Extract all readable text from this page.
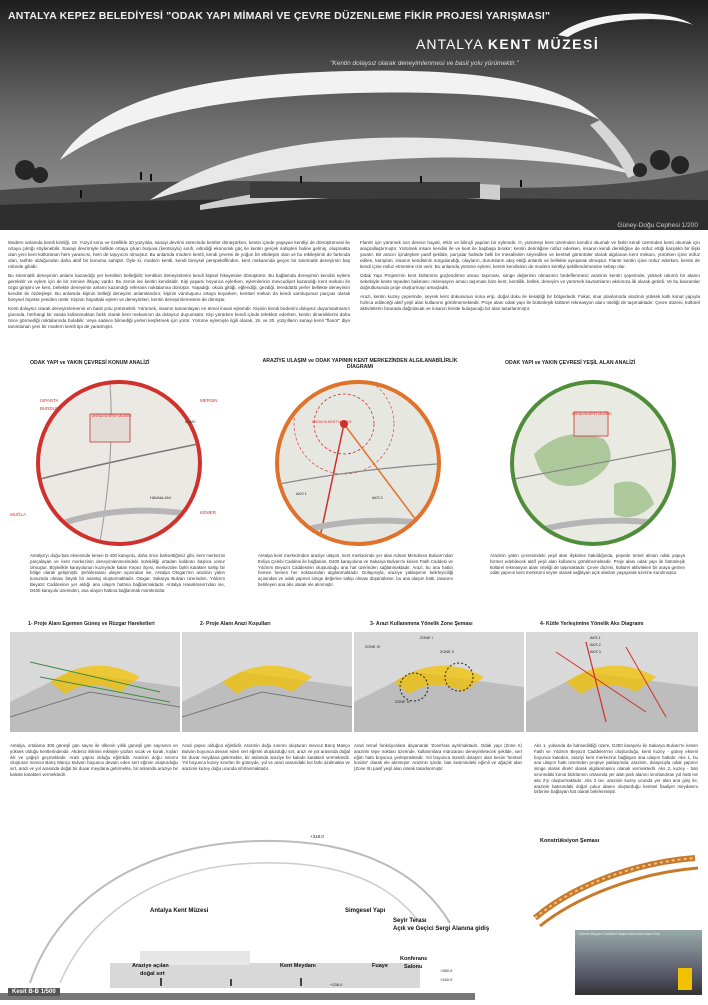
ANTALYA KEPEZ BELEDİYESİ "ODAK YAPI MİMARİ VE ÇEVRE DÜZENLEME FİKİR PROJESİ YARIŞMASI"
ANTALYA KENT MÜZESİ
"Kentin dolaysız olarak deneyimlenmesi ve basit yolu yürümektir."
Güney-Doğu Cephesi 1/200

Modern anlamda kentli kimliği, 19. Yüzyıl sonu ve özellikle 20.yüzyılda, sanayi devrimi sürecinde kentler dönüşürken, kentin içinde yaşayan kentliyi de dönüştürmesi ile ortaya çıktığı söylenebilir. Sanayi devrimiyle birlikte ortaya çıkan burjuva (kentsoylu) sınıfı, edindiği ekonomik güç ile kentin gerçek sahipleri haline gelmiş, oluşmakta olan yeni kent kültürünün hem yaratıcısı, hem de taşıyıcısı olmuştur. Bu anlamda modern kentli, kendi çevresi ile yoğun bir etkileşim olan ve bu etkileşimin de farkında olan, tarihte olduğundan daha aktif bir konuma sahiptir. Öyle ki, modern kentli, kendi bireysel perspektiflinden, kent mekanında geçen bir sinematik deneyimin baş rolünde gibidir.

Bu sinematik deneyimin anlamı kazandığı yer kentlinin belleğidir; kentlinin deneyimlerini kendi kişisel hikayesine dönüştürür. Bu bağlamda deneyimin kendisi eylemi gerektirir ve eylem için de bir zemine ihtiyaç vardır. Bu zemin ise kentin kendisidir. Kişi yaşamı boyunca eylerken, eylemlerinin mevcudiyet kazandığı kent mekanı ile özgü girişimi ve kent, bellekte deneyimin anlamı kazandığı referans noktalarına dönüşür. Yaşadığı, okula gittiği, eğlendiği, gezdiği, tereddütlü yerler bellekte deneyimin kendisi ile özdeşleşir. Bu anlamda kişinin belleği deneyimi anlamlandırır, kişinin varoluşunu ortaya koyarken, kentsel mekan da kendi varoluşunun parçası olarak bireysel ölçekte yeniden üretir. Kişinin hayattaki eylem ve deneyimleri, kentin deneyimlemesine de dönüşür.

Kenti dolaysız olarak deneyimlemenin en basit yolu yürümektir. Yürümek, insanın tamamlayan en temel insani eylemdir. Kişinin kendi bedenini dolaysız duyumsatmanın yanında, herhangi bir vasıta kullanmaktan farklı olarak kent mekanının da dolaysız duyumsatır. Kişi yürürken kendi içinde tefekkür ederken, kentin dinamiklerini daha önce görmediği noktalarında bulabilir. Veya sadece bilmediği yerleri keşfetmek için yürür. Yürüme eylemiyle ilgili olarak, 19. ve 20. yüzyılların sanayi kenti "flanör" diye tanımlanan yeni bir modern kentli tipi de yaratmıştır.

Flanör için yürümek son derece hayati, etkin ve bilinçli yapılan bir eylemdir. O, yürümeyi kent üzerinden kendini okumak ve farklı kendi üzerinden kenti okumak için araçsallaştırmıştır. Yürümek insanı kendisi ile ve kent ile başbaşa bırakır; kentin derinliğine nüfuz ederken, insanın kendi derinliğine de nüfuz ettiği karşılıklı bir ilişki yaratır. Bir aracın içindeyken pasif şekilde, parçalar halinde belli bir mesafeden seyredilen ve kentsel görüntüler olarak algılanan kent mekanı, yürürken içine nüfuz edilen, karışılan, insanın kendisinin sorgulandığı, olayların, durumların akış ettiği anlamlı ve bellekte ayrışarak olmuştur. Flanör kentin içine nüfuz ederken, kentin de kendi içine nüfuz etmesine izin verir. Bu anlamda yürüme eylemi, kentin kendisinin de modern kentliyi şekillendirmesine sebep olur.

Odak Yapı Projesi'nin kent kültürünü güçlendirme amacı taşıması, simge değerinin olmasının hedeflenmesi; arazinin kentin çeperinde, yüksek rakımlı bir alanın sebebiyle kente tepeden bakması; rekreasyon amacı taşıması bize kent, kentlilik, bellek, deneyim ve yürümek kavramlarını akılımıza ilk olarak getirdi. Ve bu kavramlar doğrultusunda proje oluşturmayı amaçladık.

Arazi, kentin kuzey çeperinde, seyrek kent dokusunun sona erip, doğal doku ile kesiştiği bir bölgededir. Fakat, imar planlarında arazinin yüksek katlı konut yapıyla hızlıca edileceği aktif yeşil alan kullanımı görülmemektedir. Proje alanı odak yapı ile bütünleşik kültürel rekreasyon alanı niteliği de taşımaktadır. Çevre düzeni, kültürel aktivitelerin birarada dağıtılacak ve insanın kentle buluşacağı bir alan tasarlanmıştır.

ODAK YAPI ve YAKIN ÇEVRESİ KONUM ANALİZİ	ARAZİYE ULAŞIM ve ODAK YAPININ KENT MERKEZİNDEN ALGILANABİLİRLİK DİAGRAMI
ODAK YAPI ve YAKIN ÇEVRESİ YEŞİL ALAN ANALİZİ
ISPARTA
BURDUR
ANTALYA KENT MÜZESİ
HAVAALANI
D-400
MUĞLA
MERSİN
KEMER
ANTALYA KENT MÜZESİ
AKS 1
AKS 2
ANTALYA KENT MÜZESİ
Antalya'yı doğu-batı ekseninde kesen D-400 karayolu, daha önce bahsettiğimiz gibi, kent merkezini parçalayan ve kent merkezinin deneyimlenmesindeki sürekliliği ortadan kaldıran başlıca unsur olmuştur. Böylelikle karayolunun kuzeyinde kalan Kepez ilçesi, merkezden farklı karakter sahip bir bölge olarak gelişmiştir. Şehirlerarası ulaşım açısından ise, Antalya Otogarı'nın arazinin yakın konumda olması büyük bir avantaj oluşturmaktadır. Otogar, Sakarya Bulvarı üzerinden, Yıldırım Beyazıt Caddesinin yer aldığı ana ulaşım hattına bağlanmaktadır. Antalya Havalimanı'ndan ise, D400 karayolu üzerinden, ana ulaşım hattına bağlanmak mümkündür.
Antalya kent merkezinden araziye ulaşım, kent merkezinde yer alan Adnan Menderes Bulvarı'ndan Evliya Çelebi Caddesi ile bağlanan, D400 karayoluna ve Sakarya Bulvarı'nı kesen Fatih Caddesi ve Yıldırım Beyazıt Caddesinin oluşturduğu ana hat üzerinden sağlanmaktadır. Arazi, bu ana hattın hemen hemen her noktasından algılanmaktadır. Dolayısıyla, araziye yaklaşımın belirleyiciliği açısından ve odak yapının simge değerine sahip olması düşünülürse, bu ana ulaşım hattı, tasarımı belirleyen ana aks olarak ele alınmıştır.
Arazinin yakın çevresindeki yeşil alan ilişkisine bakıldığında, pepede temel alınan odak yapıya hizmet edebilecek aktif yeşil alan kullanımı görülmemektedir. Proje alanı odak yapı ile bütünleşik kültürel rekreasyon alanı niteliği de taşımaktadır. Çevre düzeni, kültürel aktiviteleri bir araya getiren odak yapının kent merkezini seyire olanak sağlayan açık alanları yaşayarak üzerine kurulmuştur.
1- Proje Alanı Egemen Güneş ve Rüzgar Hareketleri	2- Proje Alanı Arazi Koşulları	3- Arazi Kullanımına Yönelik Zone Şeması	4- Kütle Yerleşimine Yönelik Aks Diagramı
ZONE I
ZONE II
ZONE III
ZONE IV
AKS 1
AKS 2
AKS 3
Antalya, ortalama 300 güneşli gün sayısı ile ülkenin yıllık güneşli gün sayısının en yüksek olduğu kentlerindendir. Akdeniz iklimini etkisiyle yazları sıcak ve kurak, kışları ılık ve yağışlı geçmektedir. Arazi yapısı olduğu eğimlidir. Arazinin doğu sınırını oluşturan mevcut Barış Manço Bulvarı boyunca devam eden sert eğimin oluşturduğu sırt, arazi ve yol arasında doğal bir duvar meydana getirmekte, bir anlamda araziye bir kalede karakteri vermektedir.
Arazi yapısı olduğca eğimlidir. Arazinin doğu sınırını oluşturan mevcut Barış Manço Bulvarı boyunca devam eden sert eğimin oluşturduğu sırt, arazi ve yol arasında doğal bir duvar meydana getirmekte, bir anlamda araziye bir kalede karakteri vermektedir. Yol boyunca kuzey sınırları ile güneyde, yol ve arazi arasındaki kot farkı azalmakta ve arazinin kuzey doğu ucunda sıfırlanmaktadır.
Arazi temel fonksiyonlara dayanarak 'Zone'lara ayrılmaktadır. Odak yapı (Zone II) arazinin tepe noktası üzerinde, kullanımlara manzarası deneyimletecek şekilde, sert eğim hattı boyunca yerleşmektedir. Yol boyunca sürekli dolaşım olan kesim 'kentsel koridor' olarak ele alınmıştır. Arazinin içinde, batı kesimindeki eğimli ve ağaçlık alan (Zone III) pasif yeşil alan olarak tasarlanmıştır.
Aks 1, yukarıda da bahsedildiği üzere, D400 karayolu ile Sakarya Bulvarı'nı kesen Fatih ve Yıldırım Beyazıt Caddeleri'nin oluşturduğu, kenti kuzey - güney ekseni boyunca kateden, araziyi kent merkezine bağlayan ana ulaşım hattıdır. Aks 1, bu ana ulaşım hattı üzerinden projeye yaklaşımda, arazinin, dolayısıyla odak yapının simge olarak direkt olarak algılanmasını olanak vermektedir. Aks 2, kuzey - batı sınırındaki konut bloklarının ortasında yer alan park alanını sınırlandıran yol hattı ise aks 2'yi oluşturmaktadır. Aks 3 ise, arazinin kuzey ucunda yer alan ana giriş ile, arazinin batısındaki doğal çukur alanın oluşturduğu kentsel fiaaliyet meydanını birbirine bağlayan hat olarak belirlenmiştir.
+318.0
Antalya Kent Müzesi	Simgesel Yapı
Seyir Terası
Açık ve Geçici Sergi Alanına gidiş
Araziye açılan
doğal sırt
Kent Meydanı	Fuaye
Konferans
Salonu
+260.0
+240.0
+238.0
Kesit B-B 1/500
Konstrüksiyon Şeması
Yıldırım Beyazıt Caddesi Ulaşım Aksından Arazi Yolu
